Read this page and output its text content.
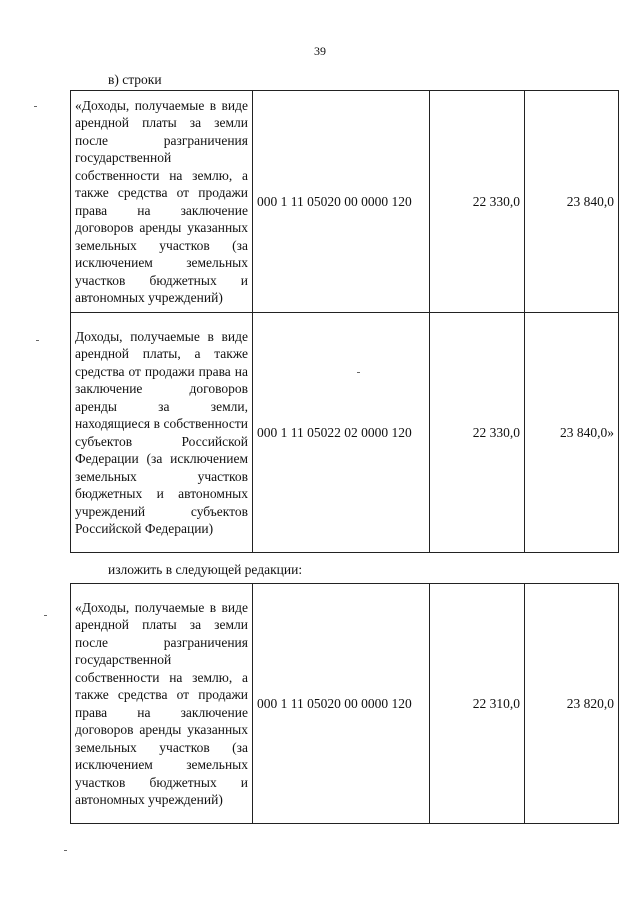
39
в) строки
«Доходы, получаемые в виде арендной платы за земли после разграничения государственной собственности на землю, а также средства от продажи права на заключение договоров аренды указанных земельных участков (за исключением земельных участков бюджетных и автономных учреждений)	000 1 11 05020 00 0000 120	22 330,0	23 840,0
Доходы, получаемые в виде арендной платы, а также средства от продажи права на заключение договоров аренды за земли, находящиеся в собственности субъектов Российской Федерации (за исключением земельных участков бюджетных и автономных учреждений субъектов Российской Федерации)	000 1 11 05022 02 0000 120	22 330,0	23 840,0»
изложить в следующей редакции:
«Доходы, получаемые в виде арендной платы за земли после разграничения государственной собственности на землю, а также средства от продажи права на заключение договоров аренды указанных земельных участков (за исключением земельных участков бюджетных и автономных учреждений)	000 1 11 05020 00 0000 120	22 310,0	23 820,0
